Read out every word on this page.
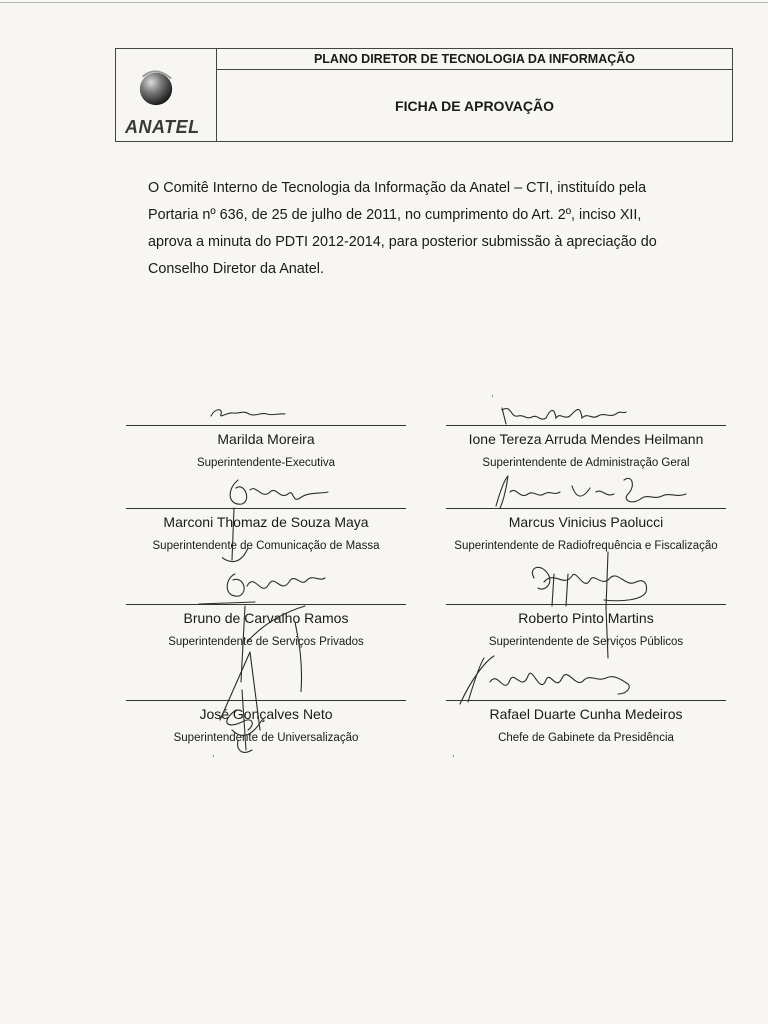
ANATEL
PLANO DIRETOR DE TECNOLOGIA DA INFORMAÇÃO
FICHA DE APROVAÇÃO
O Comitê Interno de Tecnologia da Informação da Anatel – CTI, instituído pela
Portaria nº 636, de 25 de julho de 2011, no cumprimento do Art. 2º, inciso XII,
aprova a minuta do PDTI 2012-2014, para posterior submissão à apreciação do
Conselho Diretor da Anatel.
Marilda Moreira
Superintendente-Executiva
Ione Tereza Arruda Mendes Heilmann
Superintendente de Administração Geral
Marconi Thomaz de Souza Maya
Superintendente de Comunicação de Massa
Marcus Vinicius Paolucci
Superintendente de Radiofrequência e Fiscalização
Bruno de Carvalho Ramos
Superintendente de Serviços Privados
Roberto Pinto Martins
Superintendente de Serviços Públicos
José Gonçalves Neto
Superintendente de Universalização
Rafael Duarte Cunha Medeiros
Chefe de Gabinete da Presidência
,
,	,
